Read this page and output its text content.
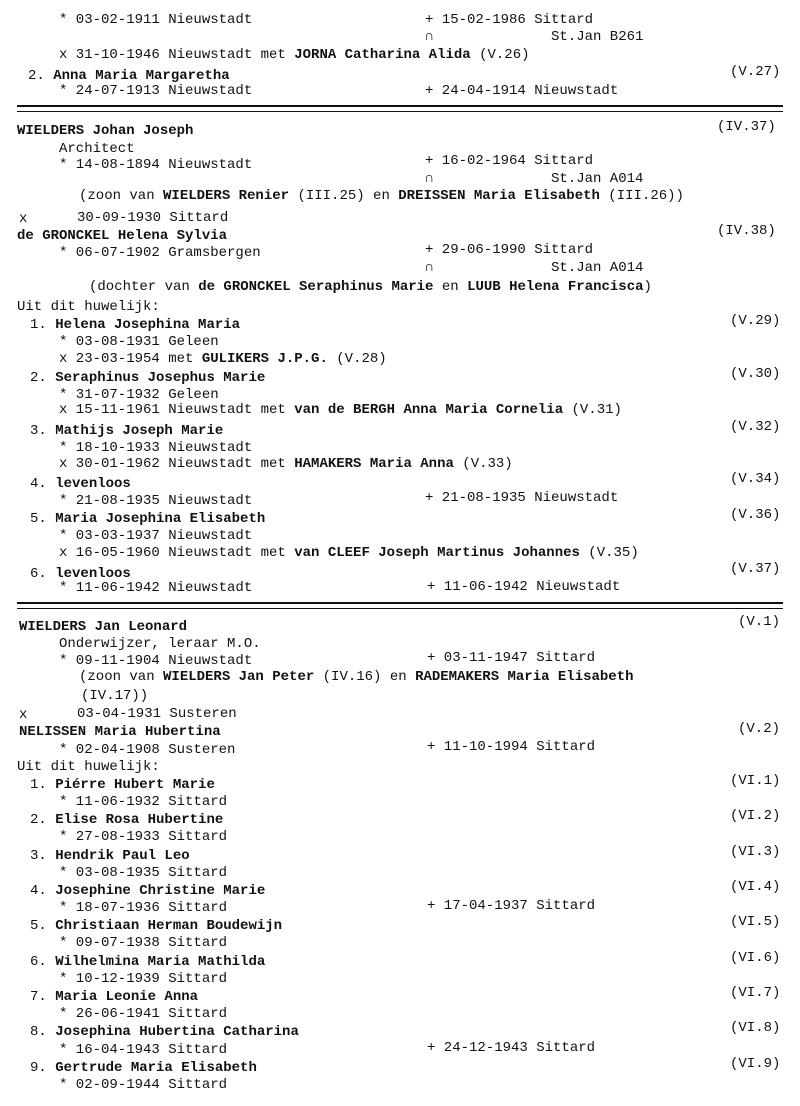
* 03-02-1911 Nieuwstadt	+ 15-02-1986 Sittard
∩	St.Jan B261
x 31-10-1946 Nieuwstadt met JORNA Catharina Alida (V.26)
2. Anna Maria Margaretha	(V.27)
* 24-07-1913 Nieuwstadt	+ 24-04-1914 Nieuwstadt
WIELDERS Johan Joseph	(IV.37)
Architect
* 14-08-1894 Nieuwstadt	+ 16-02-1964 Sittard
∩	St.Jan A014
(zoon van WIELDERS Renier (III.25) en DREISSEN Maria Elisabeth (III.26))
x	30-09-1930 Sittard
de GRONCKEL Helena Sylvia	(IV.38)
* 06-07-1902 Gramsbergen	+ 29-06-1990 Sittard
∩	St.Jan A014
(dochter van de GRONCKEL Seraphinus Marie en LUUB Helena Francisca)
Uit dit huwelijk:
1. Helena Josephina Maria	(V.29)
* 03-08-1931 Geleen
x 23-03-1954 met GULIKERS J.P.G. (V.28)
2. Seraphinus Josephus Marie	(V.30)
* 31-07-1932 Geleen
x 15-11-1961 Nieuwstadt met van de BERGH Anna Maria Cornelia (V.31)
3. Mathijs Joseph Marie	(V.32)
* 18-10-1933 Nieuwstadt
x 30-01-1962 Nieuwstadt met HAMAKERS Maria Anna (V.33)
4. levenloos	(V.34)
* 21-08-1935 Nieuwstadt	+ 21-08-1935 Nieuwstadt
5. Maria Josephina Elisabeth	(V.36)
* 03-03-1937 Nieuwstadt
x 16-05-1960 Nieuwstadt met van CLEEF Joseph Martinus Johannes (V.35)
6. levenloos	(V.37)
* 11-06-1942 Nieuwstadt	+ 11-06-1942 Nieuwstadt
WIELDERS Jan Leonard	(V.1)
Onderwijzer, leraar M.O.
* 09-11-1904 Nieuwstadt	+ 03-11-1947 Sittard
(zoon van WIELDERS Jan Peter (IV.16) en RADEMAKERS Maria Elisabeth
(IV.17))
x	03-04-1931 Susteren
NELISSEN Maria Hubertina	(V.2)
* 02-04-1908 Susteren	+ 11-10-1994 Sittard
Uit dit huwelijk:
1. Piérre Hubert Marie	(VI.1)
* 11-06-1932 Sittard
2. Elise Rosa Hubertine	(VI.2)
* 27-08-1933 Sittard
3. Hendrik Paul Leo	(VI.3)
* 03-08-1935 Sittard
4. Josephine Christine Marie	(VI.4)
* 18-07-1936 Sittard	+ 17-04-1937 Sittard
5. Christiaan Herman Boudewijn	(VI.5)
* 09-07-1938 Sittard
6. Wilhelmina Maria Mathilda	(VI.6)
* 10-12-1939 Sittard
7. Maria Leonie Anna	(VI.7)
* 26-06-1941 Sittard
8. Josephina Hubertina Catharina	(VI.8)
* 16-04-1943 Sittard	+ 24-12-1943 Sittard
9. Gertrude Maria Elisabeth	(VI.9)
* 02-09-1944 Sittard
